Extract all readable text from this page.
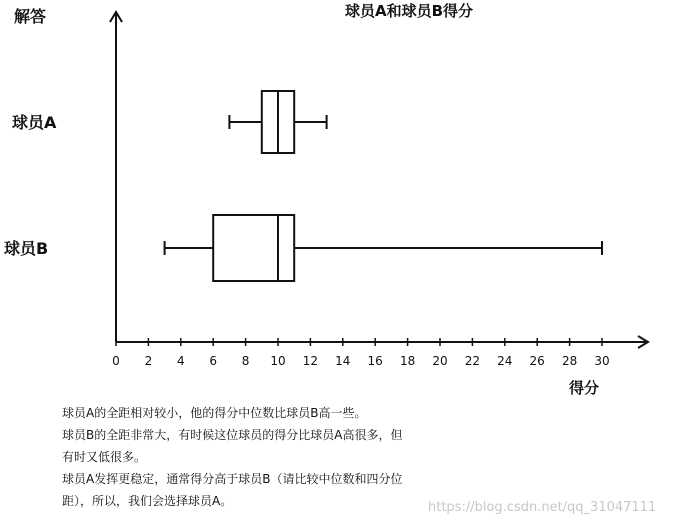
解答	球员A和球员B得分
0 2 4 6 8 10 12 14 16 18 20 22 24 26 28 30
球员A
球员B
得分

球员A的全距相对较小，他的得分中位数比球员B高一些。

球员B的全距非常大，有时候这位球员的得分比球员A高很多，但

有时又低很多。

球员A发挥更稳定，通常得分高于球员B（请比较中位数和四分位

距），所以，我们会选择球员A。	https://blog.csdn.net/qq_31047111
